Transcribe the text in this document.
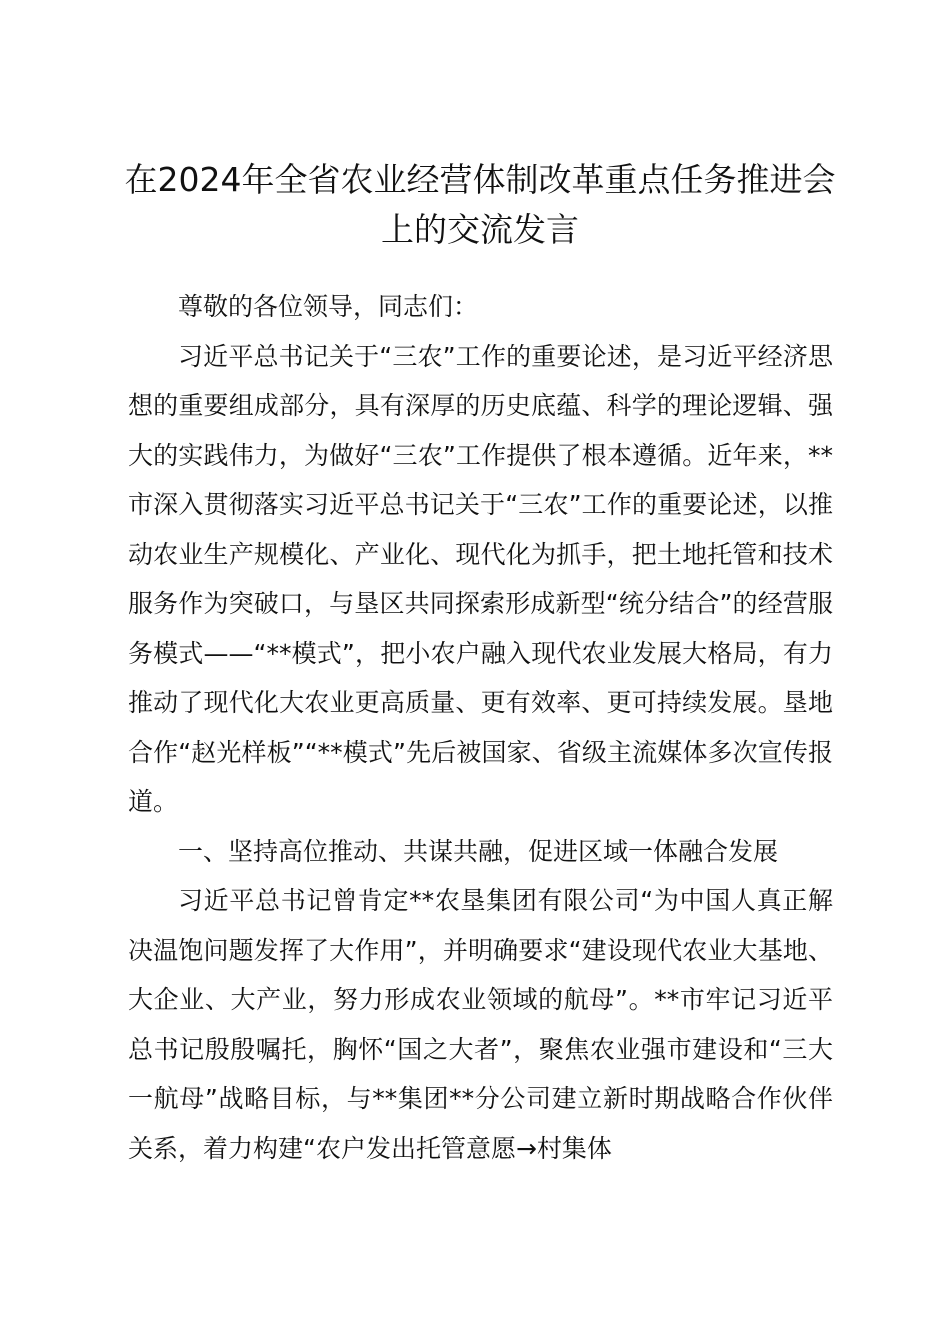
在2024年全省农业经营体制改革重点任务推进会上的交流发言

尊敬的各位领导，同志们：

习近平总书记关于“三农”工作的重要论述，是习近平经济思想的重要组成部分，具有深厚的历史底蕴、科学的理论逻辑、强大的实践伟力，为做好“三农”工作提供了根本遵循。近年来，**市深入贯彻落实习近平总书记关于“三农”工作的重要论述，以推动农业生产规模化、产业化、现代化为抓手，把土地托管和技术服务作为突破口，与垦区共同探索形成新型“统分结合”的经营服务模式——“**模式”，把小农户融入现代农业发展大格局，有力推动了现代化大农业更高质量、更有效率、更可持续发展。垦地合作“赵光样板”“**模式”先后被国家、省级主流媒体多次宣传报道。

一、坚持高位推动、共谋共融，促进区域一体融合发展

习近平总书记曾肯定**农垦集团有限公司“为中国人真正解决温饱问题发挥了大作用”，并明确要求“建设现代农业大基地、大企业、大产业，努力形成农业领域的航母”。**市牢记习近平总书记殷殷嘱托，胸怀“国之大者”，聚焦农业强市建设和“三大一航母”战略目标，与**集团**分公司建立新时期战略合作伙伴关系，着力构建“农户发出托管意愿→村集体
